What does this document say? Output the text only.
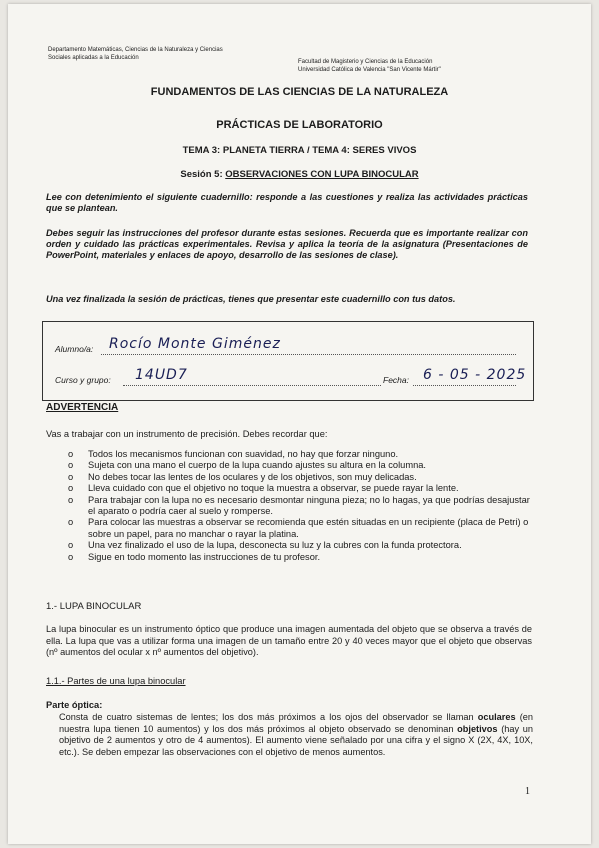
Departamento Matemáticas, Ciencias de la Naturaleza y Ciencias
Sociales aplicadas a la Educación
Facultad de Magisterio y Ciencias de la Educación
Universidad Católica de Valencia "San Vicente Mártir"
FUNDAMENTOS DE LAS CIENCIAS DE LA NATURALEZA
PRÁCTICAS DE LABORATORIO
TEMA 3: PLANETA TIERRA / TEMA 4: SERES VIVOS
Sesión 5: OBSERVACIONES CON LUPA BINOCULAR
Lee con detenimiento el siguiente cuadernillo: responde a las cuestiones y realiza las actividades prácticas que se plantean.
Debes seguir las instrucciones del profesor durante estas sesiones. Recuerda que es importante realizar con orden y cuidado las prácticas experimentales. Revisa y aplica la teoría de la asignatura (Presentaciones de PowerPoint, materiales y enlaces de apoyo, desarrollo de las sesiones de clase).
Una vez finalizada la sesión de prácticas, tienes que presentar este cuadernillo con tus datos.
Alumno/a: Rocío Monte Giménez
Curso y grupo: 14UD7	Fecha: 6 - 05 - 2025
ADVERTENCIA
Vas a trabajar con un instrumento de precisión. Debes recordar que:
o Todos los mecanismos funcionan con suavidad, no hay que forzar ninguno.
o Sujeta con una mano el cuerpo de la lupa cuando ajustes su altura en la columna.
o No debes tocar las lentes de los oculares y de los objetivos, son muy delicadas.
o Lleva cuidado con que el objetivo no toque la muestra a observar, se puede rayar la lente.
o Para trabajar con la lupa no es necesario desmontar ninguna pieza; no lo hagas, ya que podrías desajustar el aparato o podría caer al suelo y romperse.
o Para colocar las muestras a observar se recomienda que estén situadas en un recipiente (placa de Petri) o sobre un papel, para no manchar o rayar la platina.
o Una vez finalizado el uso de la lupa, desconecta su luz y la cubres con la funda protectora.
o Sigue en todo momento las instrucciones de tu profesor.
1.- LUPA BINOCULAR
La lupa binocular es un instrumento óptico que produce una imagen aumentada del objeto que se observa a través de ella. La lupa que vas a utilizar forma una imagen de un tamaño entre 20 y 40 veces mayor que el objeto que observas (nº aumentos del ocular x nº aumentos del objetivo).
1.1.- Partes de una lupa binocular
Parte óptica:
Consta de cuatro sistemas de lentes; los dos más próximos a los ojos del observador se llaman oculares (en nuestra lupa tienen 10 aumentos) y los dos más próximos al objeto observado se denominan objetivos (hay un objetivo de 2 aumentos y otro de 4 aumentos). El aumento viene señalado por una cifra y el signo X (2X, 4X, 10X, etc.). Se deben empezar las observaciones con el objetivo de menos aumentos.
1
